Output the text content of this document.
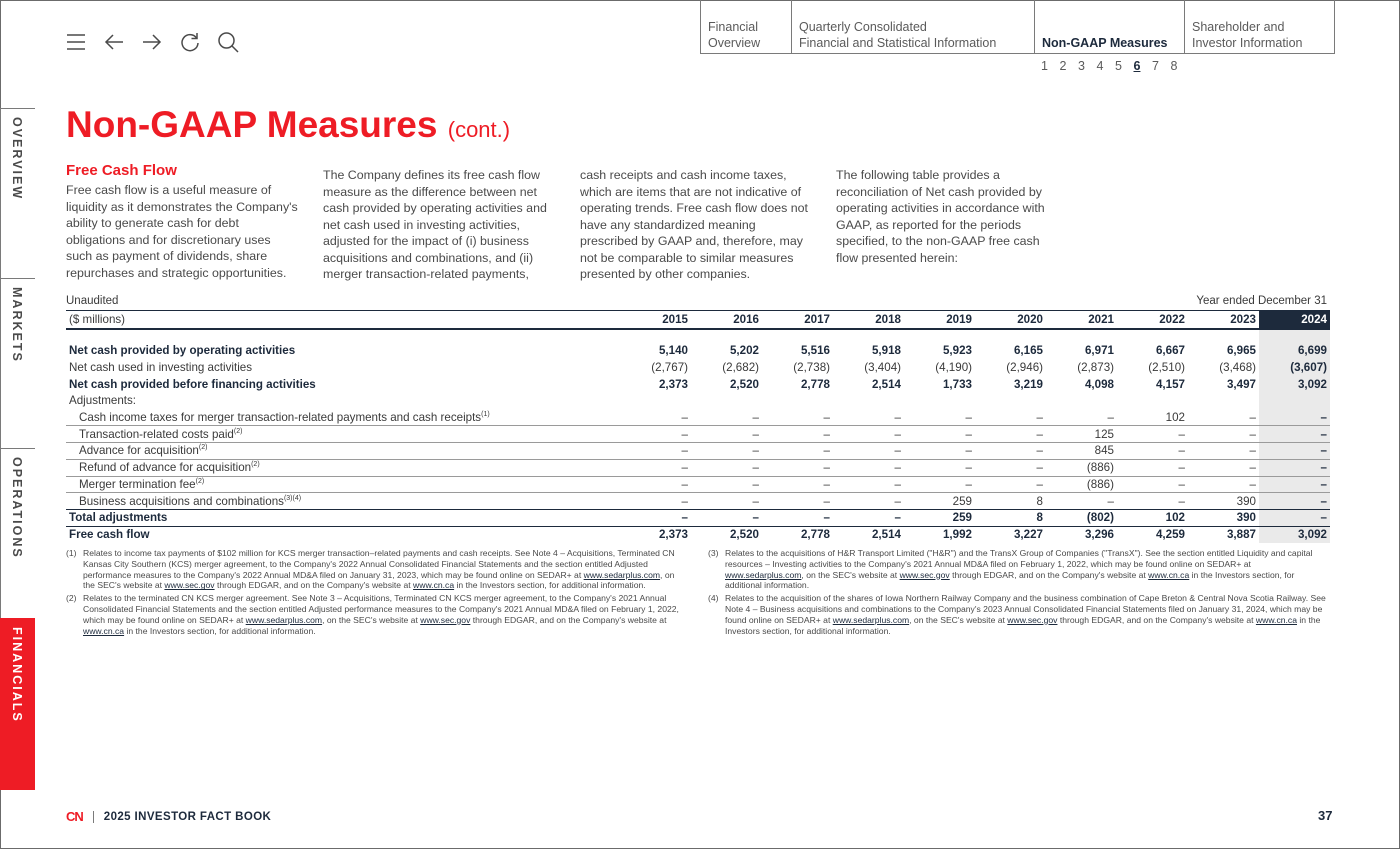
Financial
Overview
Quarterly Consolidated
Financial and Statistical Information	Non-GAAP Measures
Shareholder and
Investor Information
1 2 3 4 5 6 7 8
OVERVIEW
MARKETS
OPERATIONS
FINANCIALS
Non-GAAP Measures (cont.)
Free Cash Flow

Free cash flow is a useful measure of liquidity as it demonstrates the Company's ability to generate cash for debt obligations and for discretionary uses such as payment of dividends, share repurchases and strategic opportunities.

The Company defines its free cash flow measure as the difference between net cash provided by operating activities and net cash used in investing activities, adjusted for the impact of (i) business acquisitions and combinations, and (ii) merger transaction-related payments,

cash receipts and cash income taxes, which are items that are not indicative of operating trends. Free cash flow does not have any standardized meaning prescribed by GAAP and, therefore, may not be comparable to similar measures presented by other companies.

The following table provides a reconciliation of Net cash provided by operating activities in accordance with GAAP, as reported for the periods specified, to the non-GAAP free cash flow presented herein:

Unaudited	Year ended December 31
($ millions)	2015	2016	2017	2018	2019	2020	2021	2022	2023	2024

Net cash provided by operating activities	5,140	5,202	5,516	5,918	5,923	6,165	6,971	6,667	6,965	6,699
Net cash used in investing activities	(2,767)	(2,682)	(2,738)	(3,404)	(4,190)	(2,946)	(2,873)	(2,510)	(3,468)	(3,607)
Net cash provided before financing activities	2,373	2,520	2,778	2,514	1,733	3,219	4,098	4,157	3,497	3,092
Adjustments:										
Cash income taxes for merger transaction-related payments and cash receipts$^{(1)}$	–	–	–	–	–	–	–	102	–	–
Transaction-related costs paid$^{(2)}$	–	–	–	–	–	–	125	–	–	–
Advance for acquisition$^{(2)}$	–	–	–	–	–	–	845	–	–	–
Refund of advance for acquisition$^{(2)}$	–	–	–	–	–	–	(886)	–	–	–
Merger termination fee$^{(2)}$	–	–	–	–	–	–	(886)	–	–	–
Business acquisitions and combinations$^{(3)(4)}$	–	–	–	–	259	8	–	–	390	–
Total adjustments	–	–	–	–	259	8	(802)	102	390	–
Free cash flow	2,373	2,520	2,778	2,514	1,992	3,227	3,296	4,259	3,887	3,092
(1) Relates to income tax payments of $102 million for KCS merger transaction–related payments and cash receipts. See Note 4 – Acquisitions, Terminated CN Kansas City Southern (KCS) merger agreement, to the Company's 2022 Annual Consolidated Financial Statements and the section entitled Adjusted performance measures to the Company's 2022 Annual MD&A filed on January 31, 2023, which may be found online on SEDAR+ at www.sedarplus.com, on the SEC's website at www.sec.gov through EDGAR, and on the Company's website at www.cn.ca in the Investors section, for additional information.
(2) Relates to the terminated CN KCS merger agreement. See Note 3 – Acquisitions, Terminated CN KCS merger agreement, to the Company's 2021 Annual Consolidated Financial Statements and the section entitled Adjusted performance measures to the Company's 2021 Annual MD&A filed on February 1, 2022, which may be found online on SEDAR+ at www.sedarplus.com, on the SEC's website at www.sec.gov through EDGAR, and on the Company's website at www.cn.ca in the Investors section, for additional information.
(3) Relates to the acquisitions of H&R Transport Limited ("H&R") and the TransX Group of Companies ("TransX"). See the section entitled Liquidity and capital resources – Investing activities to the Company's 2021 Annual MD&A filed on February 1, 2022, which may be found online on SEDAR+ at www.sedarplus.com, on the SEC's website at www.sec.gov through EDGAR, and on the Company's website at www.cn.ca in the Investors section, for additional information.
(4) Relates to the acquisition of the shares of Iowa Northern Railway Company and the business combination of Cape Breton & Central Nova Scotia Railway. See Note 4 – Business acquisitions and combinations to the Company's 2023 Annual Consolidated Financial Statements filed on January 31, 2024, which may be found online on SEDAR+ at www.sedarplus.com, on the SEC's website at www.sec.gov through EDGAR, and on the Company's website at www.cn.ca in the Investors section, for additional information.
CN 2025 INVESTOR FACT BOOK	37
